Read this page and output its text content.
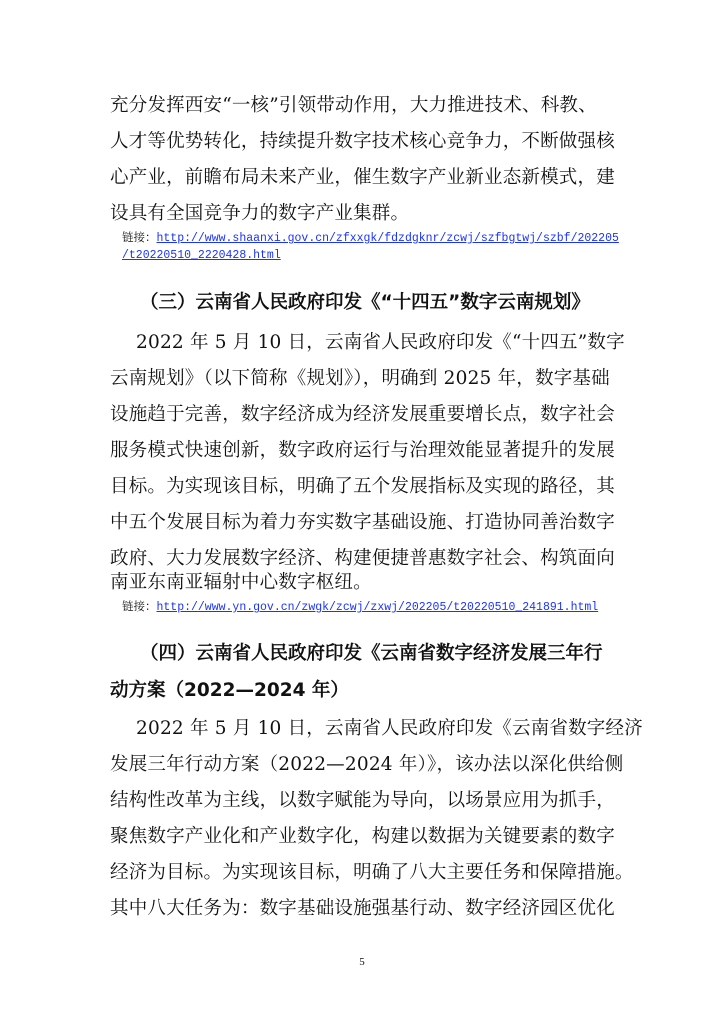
充分发挥西安“一核”引领带动作用，大力推进技术、科教、

人才等优势转化，持续提升数字技术核心竞争力，不断做强核

心产业，前瞻布局未来产业，催生数字产业新业态新模式，建

设具有全国竞争力的数字产业集群。

链接：http://www.shaanxi.gov.cn/zfxxgk/fdzdgknr/zcwj/szfbgtwj/szbf/202205

/t20220510_2220428.html

（三）云南省人民政府印发《“十四五”数字云南规划》

2022 年 5 月 10 日，云南省人民政府印发《“十四五”数字

云南规划》（以下简称《规划》），明确到 2025 年，数字基础

设施趋于完善，数字经济成为经济发展重要增长点，数字社会

服务模式快速创新，数字政府运行与治理效能显著提升的发展

目标。为实现该目标，明确了五个发展指标及实现的路径，其

中五个发展目标为着力夯实数字基础设施、打造协同善治数字

政府、大力发展数字经济、构建便捷普惠数字社会、构筑面向

南亚东南亚辐射中心数字枢纽。

链接：http://www.yn.gov.cn/zwgk/zcwj/zxwj/202205/t20220510_241891.html

（四）云南省人民政府印发《云南省数字经济发展三年行
动方案（2022—2024 年）

2022 年 5 月 10 日，云南省人民政府印发《云南省数字经济

发展三年行动方案（2022—2024 年）》，该办法以深化供给侧

结构性改革为主线，以数字赋能为导向，以场景应用为抓手，

聚焦数字产业化和产业数字化，构建以数据为关键要素的数字

经济为目标。为实现该目标，明确了八大主要任务和保障措施。

其中八大任务为：数字基础设施强基行动、数字经济园区优化

5
